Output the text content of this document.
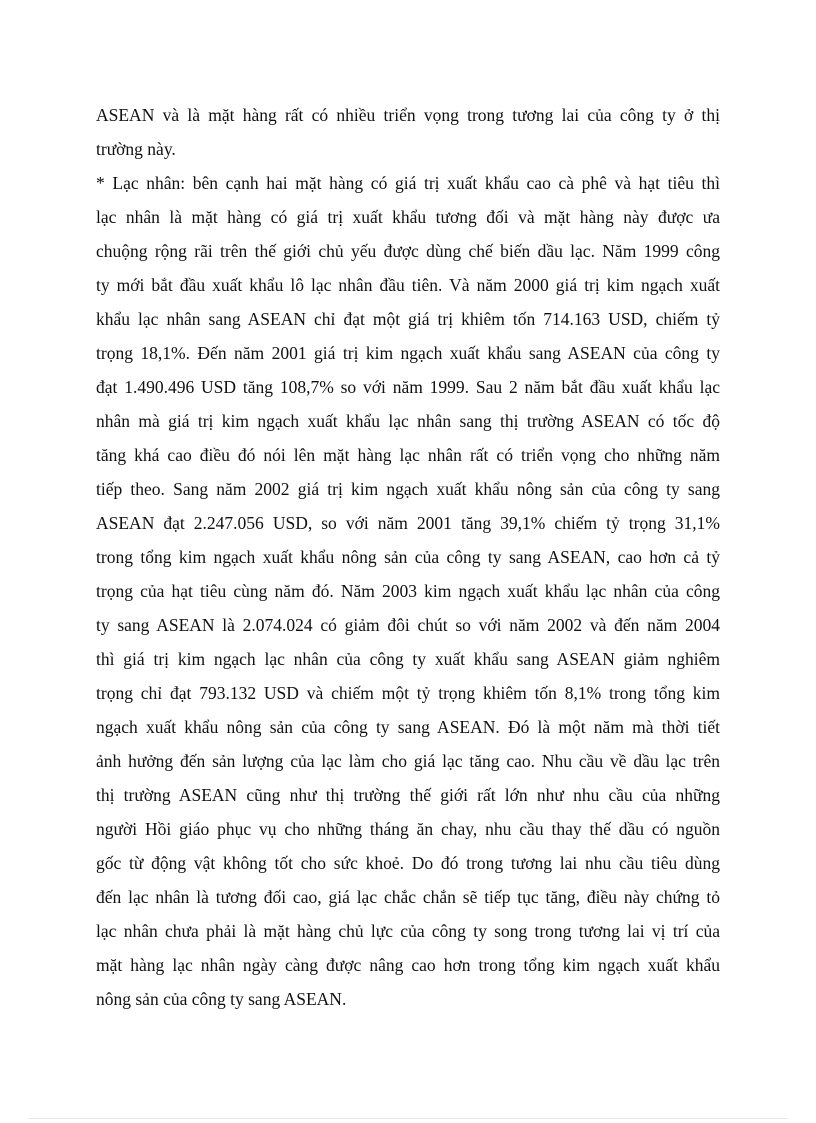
ASEAN và là mặt hàng rất có nhiều triển vọng trong tương lai của công ty ở thị
trường này.
* Lạc nhân: bên cạnh hai mặt hàng có giá trị xuất khẩu cao cà phê và hạt tiêu thì
lạc nhân là mặt hàng có giá trị xuất khẩu tương đối và mặt hàng này được ưa
chuộng rộng rãi trên thế giới chủ yếu được dùng chế biến dầu lạc. Năm 1999 công
ty mới bắt đầu xuất khẩu lô lạc nhân đầu tiên. Và năm 2000 giá trị kim ngạch xuất
khẩu lạc nhân sang ASEAN chỉ đạt một giá trị khiêm tốn 714.163 USD, chiếm tỷ
trọng 18,1%. Đến năm 2001 giá trị kim ngạch xuất khẩu sang ASEAN của công ty
đạt 1.490.496 USD tăng 108,7% so với năm 1999. Sau 2 năm bắt đầu xuất khẩu lạc
nhân mà giá trị kim ngạch xuất khẩu lạc nhân sang thị trường ASEAN có tốc độ
tăng khá cao điều đó nói lên mặt hàng lạc nhân rất có triển vọng cho những năm
tiếp theo. Sang năm 2002 giá trị kim ngạch xuất khẩu nông sản của công ty sang
ASEAN đạt 2.247.056 USD, so với năm 2001 tăng 39,1% chiếm tỷ trọng 31,1%
trong tổng kim ngạch xuất khẩu nông sản của công ty sang ASEAN, cao hơn cả tỷ
trọng của hạt tiêu cùng năm đó. Năm 2003 kim ngạch xuất khẩu lạc nhân của công
ty sang ASEAN là 2.074.024 có giảm đôi chút so với năm 2002 và đến năm 2004
thì giá trị kim ngạch lạc nhân của công ty xuất khẩu sang ASEAN giảm nghiêm
trọng chỉ đạt 793.132 USD và chiếm một tỷ trọng khiêm tốn 8,1% trong tổng kim
ngạch xuất khẩu nông sản của công ty sang ASEAN. Đó là một năm mà thời tiết
ảnh hưởng đến sản lượng của lạc làm cho giá lạc tăng cao. Nhu cầu về dầu lạc trên
thị trường ASEAN cũng như thị trường thế giới rất lớn như nhu cầu của những
người Hồi giáo phục vụ cho những tháng ăn chay, nhu cầu thay thế dầu có nguồn
gốc từ động vật không tốt cho sức khoẻ. Do đó trong tương lai nhu cầu tiêu dùng
đến lạc nhân là tương đối cao, giá lạc chắc chắn sẽ tiếp tục tăng, điều này chứng tỏ
lạc nhân chưa phải là mặt hàng chủ lực của công ty song trong tương lai vị trí của
mặt hàng lạc nhân ngày càng được nâng cao hơn trong tổng kim ngạch xuất khẩu
nông sản của công ty sang ASEAN.
